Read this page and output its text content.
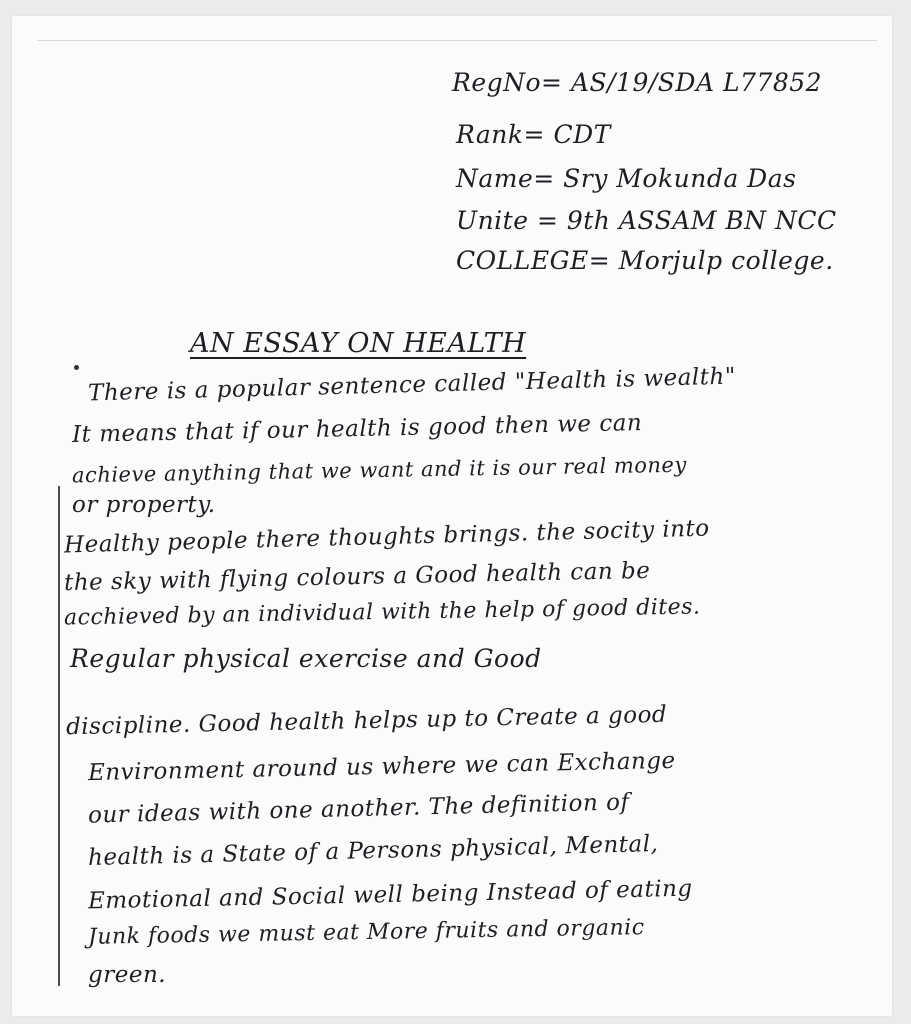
RegNo= AS/19/SDA L77852
Rank= CDT
Name= Sry Mokunda Das
Unite = 9th ASSAM BN NCC
COLLEGE= Morjulp college.
AN ESSAY ON HEALTH
There is a popular sentence called "Health is wealth"
It means that if our health is good then we can
achieve anything that we want and it is our real money
or property.
Healthy people there thoughts brings. the socity into
the sky with flying colours a Good health can be
acchieved by an individual with the help of good dites.
Regular physical exercise and Good
discipline. Good health helps up to Create a good
Environment around us where we can Exchange
our ideas with one another. The definition of
health is a State of a Persons physical, Mental,
Emotional and Social well being Instead of eating
Junk foods we must eat More fruits and organic
green.
